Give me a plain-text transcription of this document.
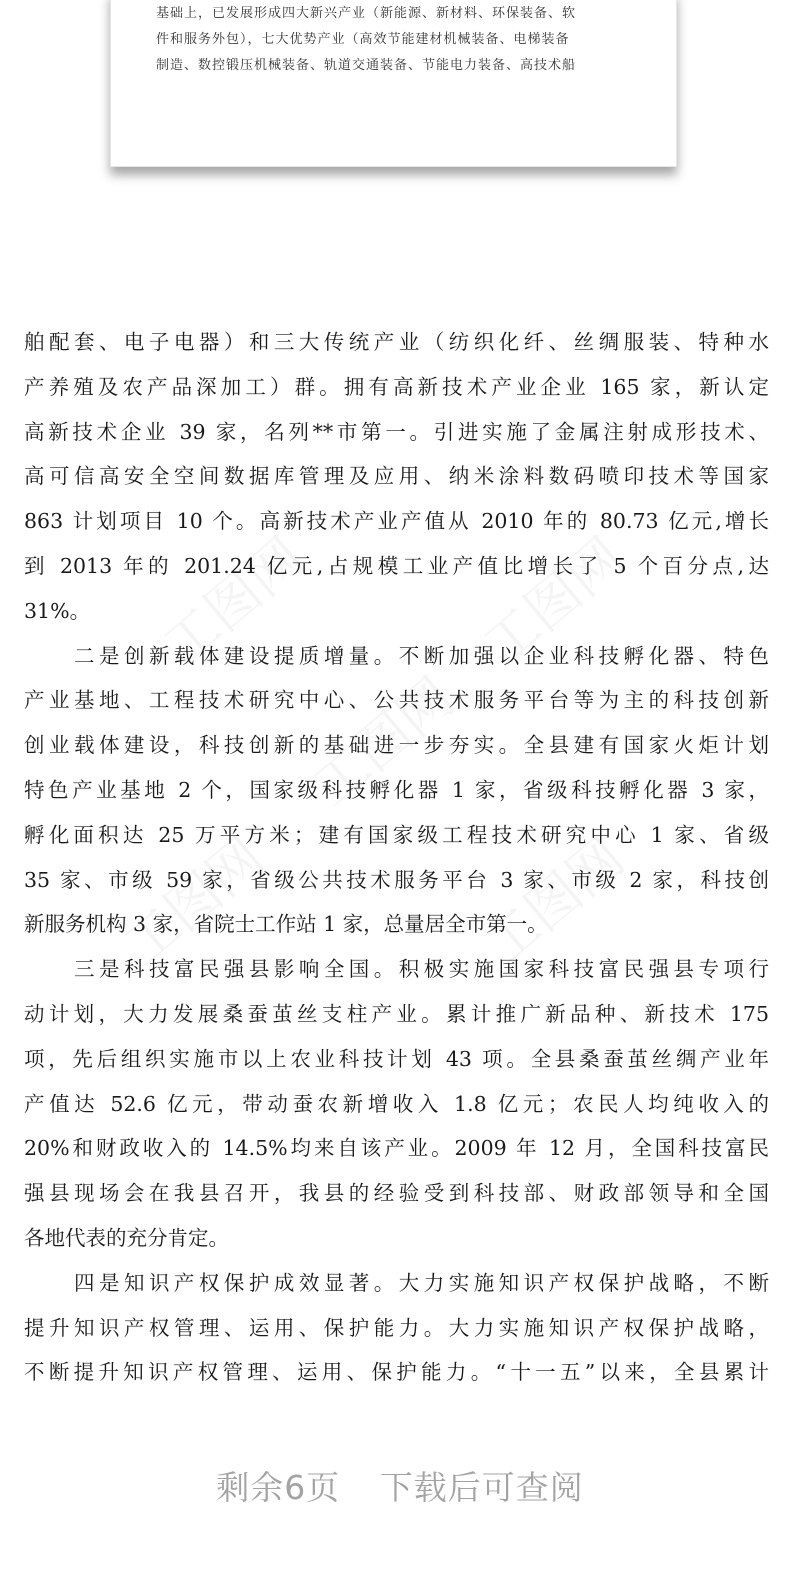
基础上，已发展形成四大新兴产业（新能源、新材料、环保装备、软
件和服务外包），七大优势产业（高效节能建材机械装备、电梯装备
制造、数控锻压机械装备、轨道交通装备、节能电力装备、高技术船
舶配套、电子电器）和三大传统产业（纺织化纤、丝绸服装、特种水
产养殖及农产品深加工）群。拥有高新技术产业企业 165 家，新认定
高新技术企业 39 家，名列**市第一。引进实施了金属注射成形技术、
高可信高安全空间数据库管理及应用、纳米涂料数码喷印技术等国家
863 计划项目 10 个。高新技术产业产值从 2010 年的 80.73 亿元,增长
到 2013 年的 201.24 亿元,占规模工业产值比增长了 5 个百分点,达
31%。
二是创新载体建设提质增量。不断加强以企业科技孵化器、特色
产业基地、工程技术研究中心、公共技术服务平台等为主的科技创新
创业载体建设，科技创新的基础进一步夯实。全县建有国家火炬计划
特色产业基地 2 个，国家级科技孵化器 1 家，省级科技孵化器 3 家，
孵化面积达 25 万平方米；建有国家级工程技术研究中心 1 家、省级
35 家、市级 59 家，省级公共技术服务平台 3 家、市级 2 家，科技创
新服务机构 3 家，省院士工作站 1 家，总量居全市第一。
三是科技富民强县影响全国。积极实施国家科技富民强县专项行
动计划，大力发展桑蚕茧丝支柱产业。累计推广新品种、新技术 175
项，先后组织实施市以上农业科技计划 43 项。全县桑蚕茧丝绸产业年
产值达 52.6 亿元，带动蚕农新增收入 1.8 亿元；农民人均纯收入的
20%和财政收入的 14.5%均来自该产业。2009 年 12 月，全国科技富民
强县现场会在我县召开，我县的经验受到科技部、财政部领导和全国
各地代表的充分肯定。
四是知识产权保护成效显著。大力实施知识产权保护战略，不断
提升知识产权管理、运用、保护能力。大力实施知识产权保护战略，
不断提升知识产权管理、运用、保护能力。“十一五”以来，全县累计
剩余6页 下载后可查阅
